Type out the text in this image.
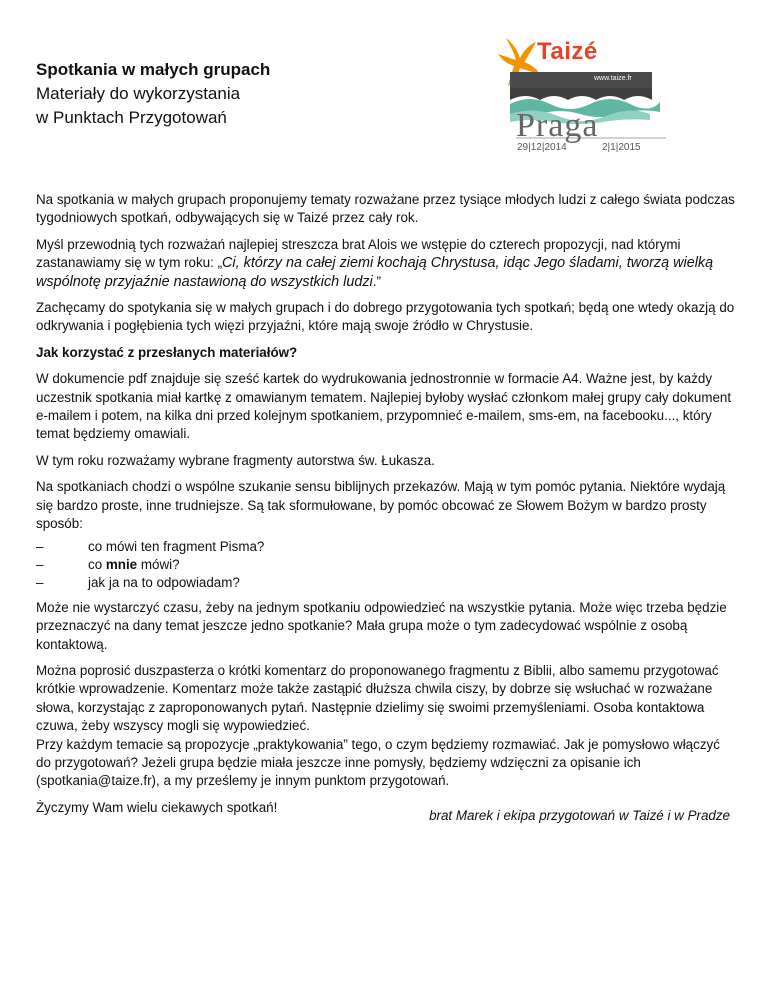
Spotkania w małych grupach
Materiały do wykorzystania
w Punktach Przygotowań
Taizé
www.taize.fr
Praga
29|12|2014	2|1|2015

Na spotkania w małych grupach proponujemy tematy rozważane przez tysiące młodych ludzi z całego świata podczas tygodniowych spotkań, odbywających się w Taizé przez cały rok.

Myśl przewodnią tych rozważań najlepiej streszcza brat Alois we wstępie do czterech propozycji, nad którymi zastanawiamy się w tym roku: „Ci, którzy na całej ziemi kochają Chrystusa, idąc Jego śladami, tworzą wielką wspólnotę przyjaźnie nastawioną do wszystkich ludzi.”

Zachęcamy do spotykania się w małych grupach i do dobrego przygotowania tych spotkań; będą one wtedy okazją do odkrywania i pogłębienia tych więzi przyjaźni, które mają swoje źródło w Chrystusie.

Jak korzystać z przesłanych materiałów?

W dokumencie pdf znajduje się sześć kartek do wydrukowania jednostronnie w formacie A4. Ważne jest, by każdy uczestnik spotkania miał kartkę z omawianym tematem. Najlepiej byłoby wysłać członkom małej grupy cały dokument e-mailem i potem, na kilka dni przed kolejnym spotkaniem, przypomnieć e-mailem, sms-em, na facebooku..., który temat będziemy omawiali.

W tym roku rozważamy wybrane fragmenty autorstwa św. Łukasza.

Na spotkaniach chodzi o wspólne szukanie sensu biblijnych przekazów. Mają w tym pomóc pytania. Niektóre wydają się bardzo proste, inne trudniejsze. Są tak sformułowane, by pomóc obcować ze Słowem Bożym w bardzo prosty sposób:

–	co mówi ten fragment Pisma?
–	co mnie mówi?
–	jak ja na to odpowiadam?

Może nie wystarczyć czasu, żeby na jednym spotkaniu odpowiedzieć na wszystkie pytania. Może więc trzeba będzie przeznaczyć na dany temat jeszcze jedno spotkanie? Mała grupa może o tym zadecydować wspólnie z osobą kontaktową.

Można poprosić duszpasterza o krótki komentarz do proponowanego fragmentu z Biblii, albo samemu przygotować krótkie wprowadzenie. Komentarz może także zastąpić dłuższa chwila ciszy, by dobrze się wsłuchać w rozważane słowa, korzystając z zaproponowanych pytań. Następnie dzielimy się swoimi przemyśleniami. Osoba kontaktowa czuwa, żeby wszyscy mogli się wypowiedzieć.

Przy każdym temacie są propozycje „praktykowania” tego, o czym będziemy rozmawiać. Jak je pomysłowo włączyć do przygotowań? Jeżeli grupa będzie miała jeszcze inne pomysły, będziemy wdzięczni za opisanie ich (spotkania@taize.fr), a my prześlemy je innym punktom przygotowań.

Życzymy Wam wielu ciekawych spotkań!

brat Marek i ekipa przygotowań w Taizé i w Pradze
